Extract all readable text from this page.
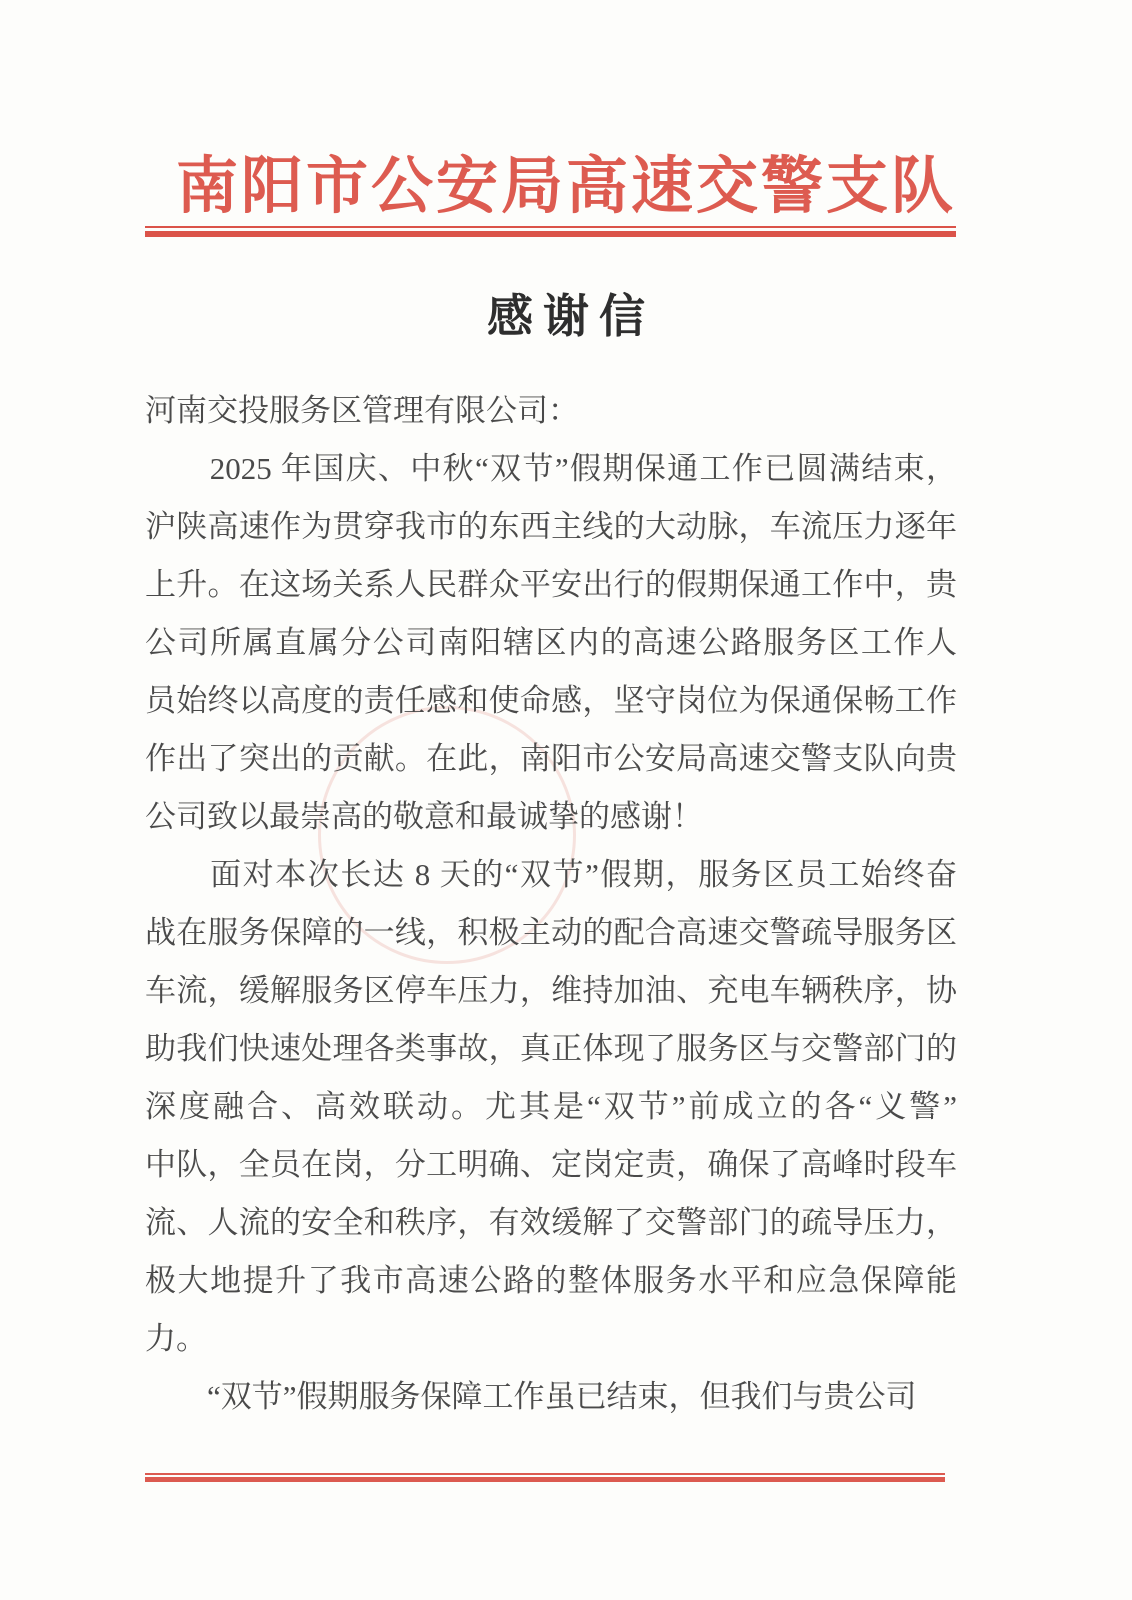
南阳市公安局高速交警支队
感谢信
河南交投服务区管理有限公司：
　　2025 年国庆、中秋“双节”假期保通工作已圆满结束，
沪陕高速作为贯穿我市的东西主线的大动脉，车流压力逐年
上升。在这场关系人民群众平安出行的假期保通工作中，贵
公司所属直属分公司南阳辖区内的高速公路服务区工作人
员始终以高度的责任感和使命感，坚守岗位为保通保畅工作
作出了突出的贡献。在此，南阳市公安局高速交警支队向贵
公司致以最崇高的敬意和最诚挚的感谢！
　　面对本次长达 8 天的“双节”假期，服务区员工始终奋
战在服务保障的一线，积极主动的配合高速交警疏导服务区
车流，缓解服务区停车压力，维持加油、充电车辆秩序，协
助我们快速处理各类事故，真正体现了服务区与交警部门的
深度融合、高效联动。尤其是“双节”前成立的各“义警”
中队，全员在岗，分工明确、定岗定责，确保了高峰时段车
流、人流的安全和秩序，有效缓解了交警部门的疏导压力，
极大地提升了我市高速公路的整体服务水平和应急保障能
力。
　　“双节”假期服务保障工作虽已结束，但我们与贵公司
